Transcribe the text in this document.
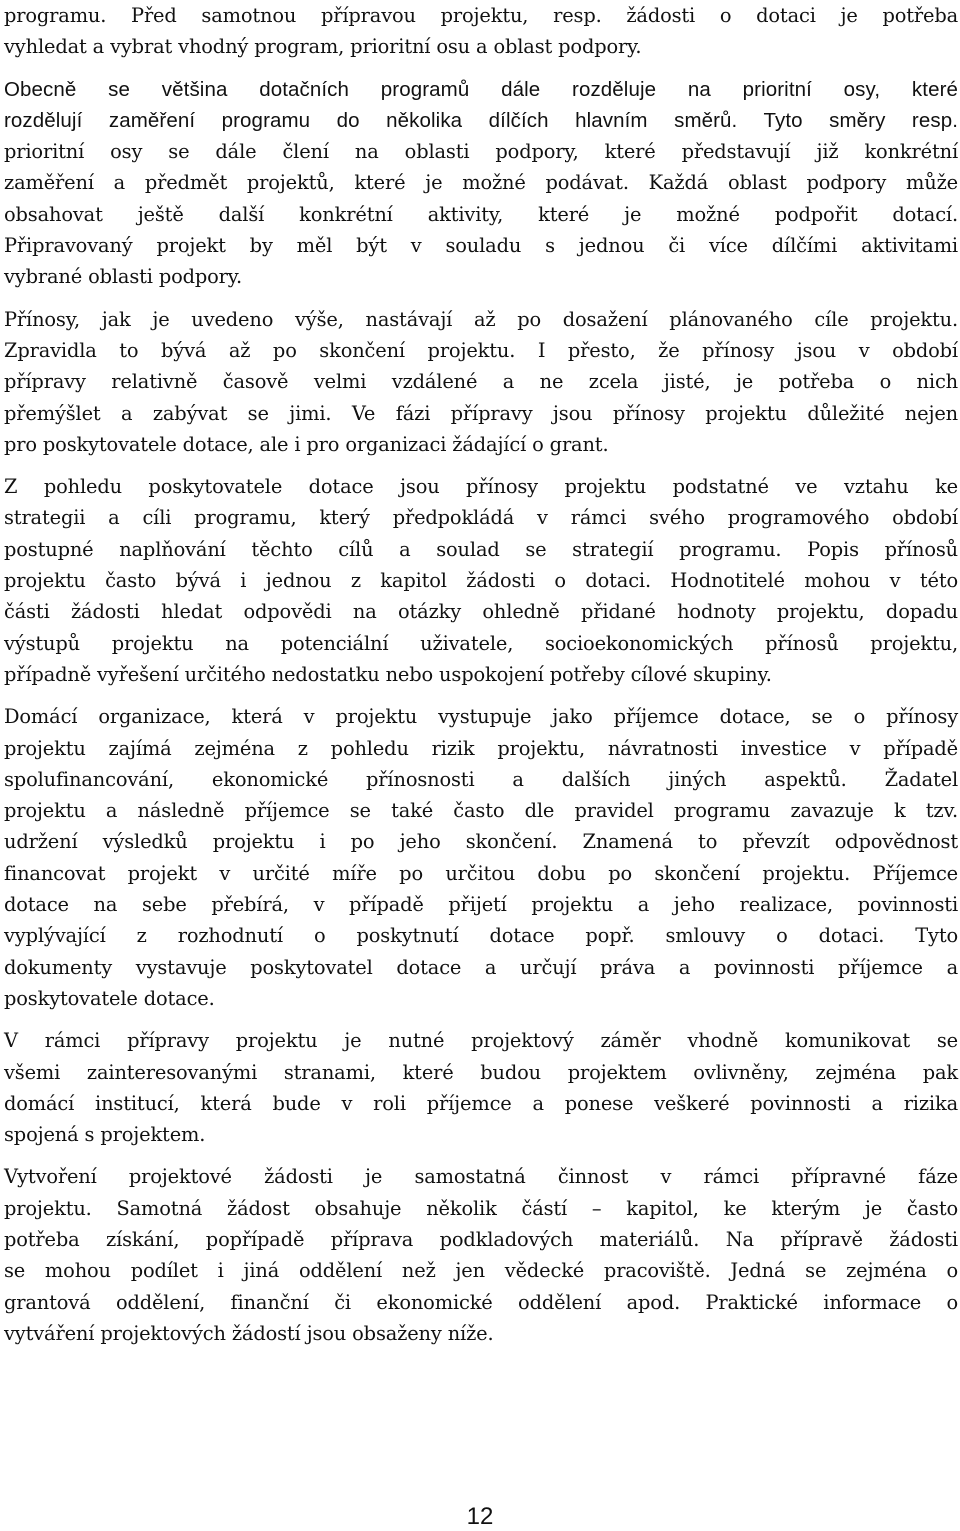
programu. Před samotnou přípravou projektu, resp. žádosti o dotaci je potřeba
vyhledat a vybrat vhodný program, prioritní osu a oblast podpory.
Obecně se většina dotačních programů dále rozděluje na prioritní osy, které
rozdělují zaměření programu do několika dílčích hlavním směrů. Tyto směry resp.
prioritní osy se dále člení na oblasti podpory, které představují již konkrétní
zaměření a předmět projektů, které je možné podávat. Každá oblast podpory může
obsahovat ještě další konkrétní aktivity, které je možné podpořit dotací.
Připravovaný projekt by měl být v souladu s jednou či více dílčími aktivitami
vybrané oblasti podpory.
Přínosy, jak je uvedeno výše, nastávají až po dosažení plánovaného cíle projektu.
Zpravidla to bývá až po skončení projektu. I přesto, že přínosy jsou v období
přípravy relativně časově velmi vzdálené a ne zcela jisté, je potřeba o nich
přemýšlet a zabývat se jimi. Ve fázi přípravy jsou přínosy projektu důležité nejen
pro poskytovatele dotace, ale i pro organizaci žádající o grant.
Z pohledu poskytovatele dotace jsou přínosy projektu podstatné ve vztahu ke
strategii a cíli programu, který předpokládá v rámci svého programového období
postupné naplňování těchto cílů a soulad se strategií programu. Popis přínosů
projektu často bývá i jednou z kapitol žádosti o dotaci. Hodnotitelé mohou v této
části žádosti hledat odpovědi na otázky ohledně přidané hodnoty projektu, dopadu
výstupů projektu na potenciální uživatele, socioekonomických přínosů projektu,
případně vyřešení určitého nedostatku nebo uspokojení potřeby cílové skupiny.
Domácí organizace, která v projektu vystupuje jako příjemce dotace, se o přínosy
projektu zajímá zejména z pohledu rizik projektu, návratnosti investice v případě
spolufinancování, ekonomické přínosnosti a dalších jiných aspektů. Žadatel
projektu a následně příjemce se také často dle pravidel programu zavazuje k tzv.
udržení výsledků projektu i po jeho skončení. Znamená to převzít odpovědnost
financovat projekt v určité míře po určitou dobu po skončení projektu. Příjemce
dotace na sebe přebírá, v případě přijetí projektu a jeho realizace, povinnosti
vyplývající z rozhodnutí o poskytnutí dotace popř. smlouvy o dotaci. Tyto
dokumenty vystavuje poskytovatel dotace a určují práva a povinnosti příjemce a
poskytovatele dotace.
V rámci přípravy projektu je nutné projektový záměr vhodně komunikovat se
všemi zainteresovanými stranami, které budou projektem ovlivněny, zejména pak
domácí institucí, která bude v roli příjemce a ponese veškeré povinnosti a rizika
spojená s projektem.
Vytvoření projektové žádosti je samostatná činnost v rámci přípravné fáze
projektu. Samotná žádost obsahuje několik částí – kapitol, ke kterým je často
potřeba získání, popřípadě příprava podkladových materiálů. Na přípravě žádosti
se mohou podílet i jiná oddělení než jen vědecké pracoviště. Jedná se zejména o
grantová oddělení, finanční či ekonomické oddělení apod. Praktické informace o
vytváření projektových žádostí jsou obsaženy níže.
12
